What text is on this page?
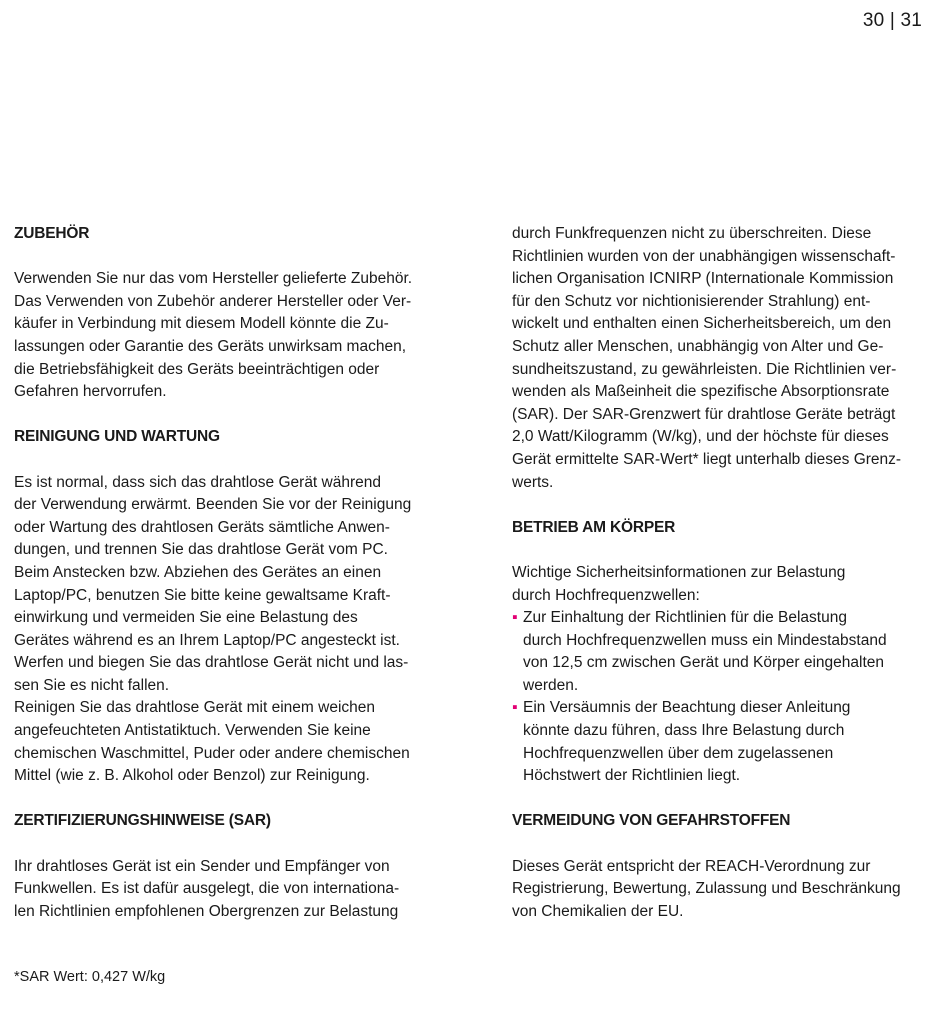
30 | 31
ZUBEHÖR

Verwenden Sie nur das vom Hersteller gelieferte Zubehör.
Das Verwenden von Zubehör anderer Hersteller oder Ver-
käufer in Verbindung mit diesem Modell könnte die Zu-
lassungen oder Garantie des Geräts unwirksam machen,
die Betriebsfähigkeit des Geräts beeinträchtigen oder
Gefahren hervorrufen.

REINIGUNG UND WARTUNG

Es ist normal, dass sich das drahtlose Gerät während
der Verwendung erwärmt. Beenden Sie vor der Reinigung
oder Wartung des drahtlosen Geräts sämtliche Anwen-
dungen, und trennen Sie das drahtlose Gerät vom PC.
Beim Anstecken bzw. Abziehen des Gerätes an einen
Laptop/PC, benutzen Sie bitte keine gewaltsame Kraft-
einwirkung und vermeiden Sie eine Belastung des
Gerätes während es an Ihrem Laptop/PC angesteckt ist.
Werfen und biegen Sie das drahtlose Gerät nicht und las-
sen Sie es nicht fallen.
Reinigen Sie das drahtlose Gerät mit einem weichen
angefeuchteten Antistatiktuch. Verwenden Sie keine
chemischen Waschmittel, Puder oder andere chemischen
Mittel (wie z. B. Alkohol oder Benzol) zur Reinigung.

ZERTIFIZIERUNGSHINWEISE (SAR)

Ihr drahtloses Gerät ist ein Sender und Empfänger von
Funkwellen. Es ist dafür ausgelegt, die von internationa-
len Richtlinien empfohlenen Obergrenzen zur Belastung

durch Funkfrequenzen nicht zu überschreiten. Diese
Richtlinien wurden von der unabhängigen wissenschaft-
lichen Organisation ICNIRP (Internationale Kommission
für den Schutz vor nichtionisierender Strahlung) ent-
wickelt und enthalten einen Sicherheitsbereich, um den
Schutz aller Menschen, unabhängig von Alter und Ge-
sundheitszustand, zu gewährleisten. Die Richtlinien ver-
wenden als Maßeinheit die spezifische Absorptionsrate
(SAR). Der SAR-Grenzwert für drahtlose Geräte beträgt
2,0 Watt/Kilogramm (W/kg), und der höchste für dieses
Gerät ermittelte SAR-Wert* liegt unterhalb dieses Grenz-
werts.

BETRIEB AM KÖRPER

Wichtige Sicherheitsinformationen zur Belastung
durch Hochfrequenzwellen:

▪ Zur Einhaltung der Richtlinien für die Belastung
durch Hochfrequenzwellen muss ein Mindestabstand
von 12,5 cm zwischen Gerät und Körper eingehalten
werden.
▪ Ein Versäumnis der Beachtung dieser Anleitung
könnte dazu führen, dass Ihre Belastung durch
Hochfrequenzwellen über dem zugelassenen
Höchstwert der Richtlinien liegt.
VERMEIDUNG VON GEFAHRSTOFFEN

Dieses Gerät entspricht der REACH-Verordnung zur
Registrierung, Bewertung, Zulassung und Beschränkung
von Chemikalien der EU.

*SAR Wert: 0,427 W/kg
